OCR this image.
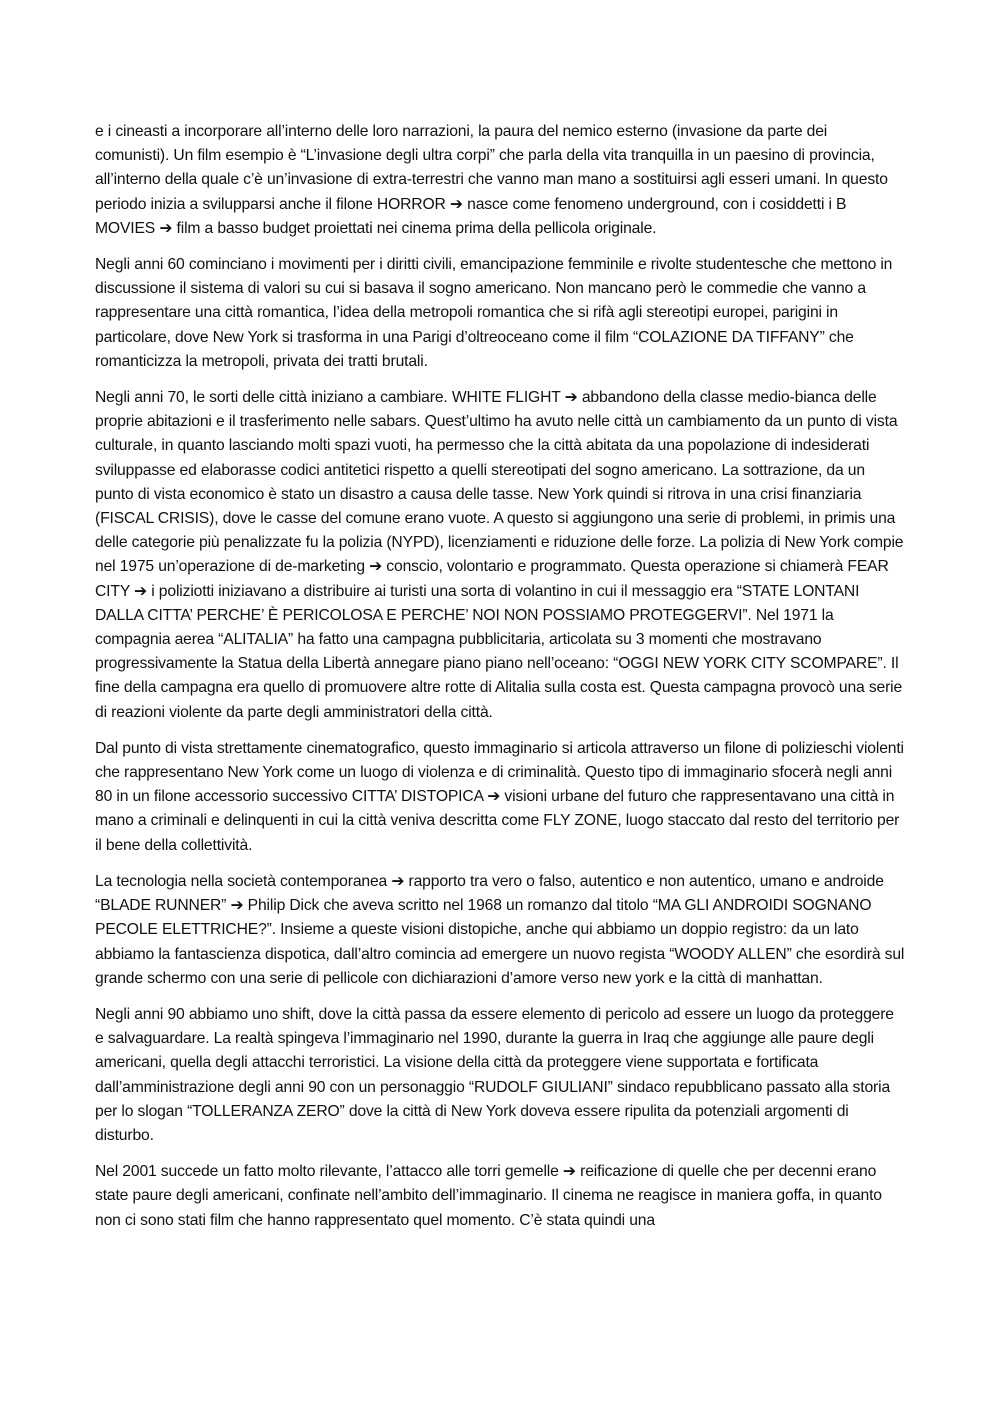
e i cineasti a incorporare all’interno delle loro narrazioni, la paura del nemico esterno (invasione da parte dei comunisti). Un film esempio è “L’invasione degli ultra corpi” che parla della vita tranquilla in un paesino di provincia, all’interno della quale c’è un’invasione di extra-terrestri che vanno man mano a sostituirsi agli esseri umani. In questo periodo inizia a svilupparsi anche il filone HORROR ➔ nasce come fenomeno underground, con i cosiddetti i B MOVIES ➔ film a basso budget proiettati nei cinema prima della pellicola originale.

Negli anni 60 cominciano i movimenti per i diritti civili, emancipazione femminile e rivolte studentesche che mettono in discussione il sistema di valori su cui si basava il sogno americano. Non mancano però le commedie che vanno a rappresentare una città romantica, l’idea della metropoli romantica che si rifà agli stereotipi europei, parigini in particolare, dove New York si trasforma in una Parigi d’oltreoceano come il film “COLAZIONE DA TIFFANY” che romanticizza la metropoli, privata dei tratti brutali.

Negli anni 70, le sorti delle città iniziano a cambiare. WHITE FLIGHT ➔ abbandono della classe medio-bianca delle proprie abitazioni e il trasferimento nelle sabars. Quest’ultimo ha avuto nelle città un cambiamento da un punto di vista culturale, in quanto lasciando molti spazi vuoti, ha permesso che la città abitata da una popolazione di indesiderati sviluppasse ed elaborasse codici antitetici rispetto a quelli stereotipati del sogno americano. La sottrazione, da un punto di vista economico è stato un disastro a causa delle tasse. New York quindi si ritrova in una crisi finanziaria (FISCAL CRISIS), dove le casse del comune erano vuote. A questo si aggiungono una serie di problemi, in primis una delle categorie più penalizzate fu la polizia (NYPD), licenziamenti e riduzione delle forze. La polizia di New York compie nel 1975 un’operazione di de-marketing ➔ conscio, volontario e programmato. Questa operazione si chiamerà FEAR CITY ➔ i poliziotti iniziavano a distribuire ai turisti una sorta di volantino in cui il messaggio era “STATE LONTANI DALLA CITTA’ PERCHE’ È PERICOLOSA E PERCHE’ NOI NON POSSIAMO PROTEGGERVI”. Nel 1971 la compagnia aerea “ALITALIA” ha fatto una campagna pubblicitaria, articolata su 3 momenti che mostravano progressivamente la Statua della Libertà annegare piano piano nell’oceano: “OGGI NEW YORK CITY SCOMPARE”. Il fine della campagna era quello di promuovere altre rotte di Alitalia sulla costa est. Questa campagna provocò una serie di reazioni violente da parte degli amministratori della città.

Dal punto di vista strettamente cinematografico, questo immaginario si articola attraverso un filone di polizieschi violenti che rappresentano New York come un luogo di violenza e di criminalità. Questo tipo di immaginario sfocerà negli anni 80 in un filone accessorio successivo CITTA’ DISTOPICA ➔ visioni urbane del futuro che rappresentavano una città in mano a criminali e delinquenti in cui la città veniva descritta come FLY ZONE, luogo staccato dal resto del territorio per il bene della collettività.

La tecnologia nella società contemporanea ➔ rapporto tra vero o falso, autentico e non autentico, umano e androide “BLADE RUNNER” ➔ Philip Dick che aveva scritto nel 1968 un romanzo dal titolo “MA GLI ANDROIDI SOGNANO PECOLE ELETTRICHE?”. Insieme a queste visioni distopiche, anche qui abbiamo un doppio registro: da un lato abbiamo la fantascienza dispotica, dall’altro comincia ad emergere un nuovo regista “WOODY ALLEN” che esordirà sul grande schermo con una serie di pellicole con dichiarazioni d’amore verso new york e la città di manhattan.

Negli anni 90 abbiamo uno shift, dove la città passa da essere elemento di pericolo ad essere un luogo da proteggere e salvaguardare. La realtà spingeva l’immaginario nel 1990, durante la guerra in Iraq che aggiunge alle paure degli americani, quella degli attacchi terroristici. La visione della città da proteggere viene supportata e fortificata dall’amministrazione degli anni 90 con un personaggio “RUDOLF GIULIANI” sindaco repubblicano passato alla storia per lo slogan “TOLLERANZA ZERO” dove la città di New York doveva essere ripulita da potenziali argomenti di disturbo.

Nel 2001 succede un fatto molto rilevante, l’attacco alle torri gemelle ➔ reificazione di quelle che per decenni erano state paure degli americani, confinate nell’ambito dell’immaginario. Il cinema ne reagisce in maniera goffa, in quanto non ci sono stati film che hanno rappresentato quel momento. C’è stata quindi una
